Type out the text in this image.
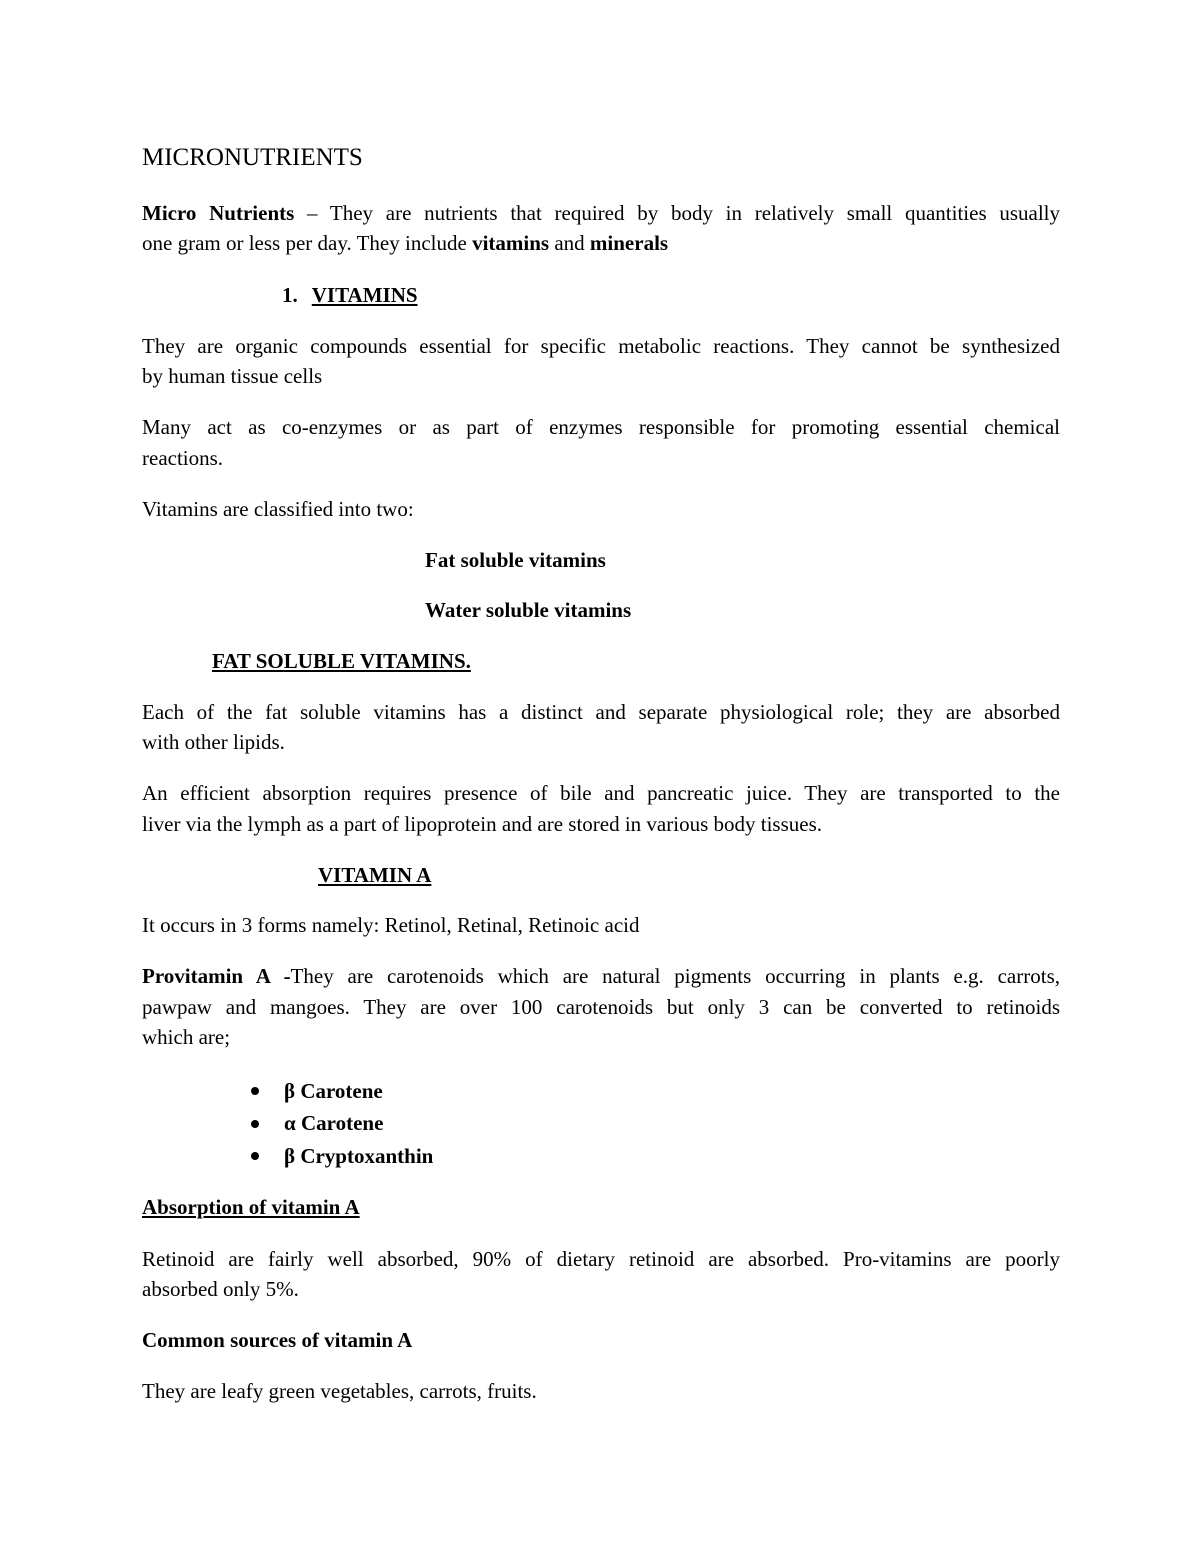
MICRONUTRIENTS
Micro Nutrients – They are nutrients that required by body in relatively small quantities usually
one gram or less per day. They include vitamins and minerals
1. VITAMINS
They are organic compounds essential for specific metabolic reactions. They cannot be synthesized
by human tissue cells
Many act as co-enzymes or as part of enzymes responsible for promoting essential chemical
reactions.
Vitamins are classified into two:
Fat soluble vitamins
Water soluble vitamins
FAT SOLUBLE VITAMINS.
Each of the fat soluble vitamins has a distinct and separate physiological role; they are absorbed
with other lipids.
An efficient absorption requires presence of bile and pancreatic juice. They are transported to the
liver via the lymph as a part of lipoprotein and are stored in various body tissues.
VITAMIN A
It occurs in 3 forms namely: Retinol, Retinal, Retinoic acid
Provitamin A -They are carotenoids which are natural pigments occurring in plants e.g. carrots,
pawpaw and mangoes. They are over 100 carotenoids but only 3 can be converted to retinoids
which are;
β Carotene
α Carotene
β Cryptoxanthin
Absorption of vitamin A
Retinoid are fairly well absorbed, 90% of dietary retinoid are absorbed. Pro-vitamins are poorly
absorbed only 5%.
Common sources of vitamin A
They are leafy green vegetables, carrots, fruits.
